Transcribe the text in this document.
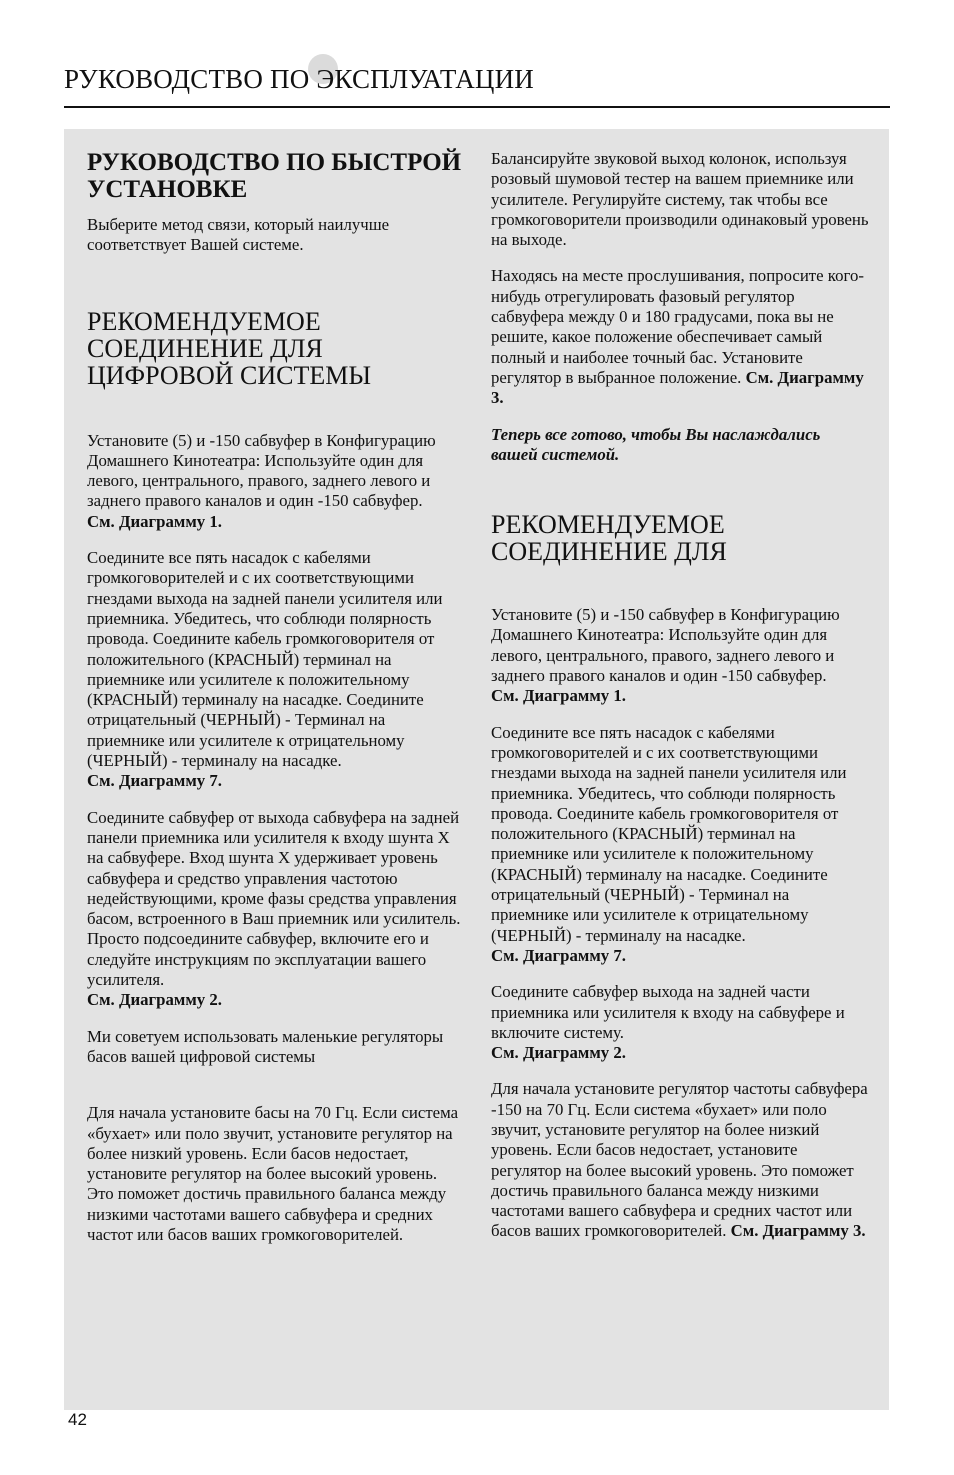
РУКОВОДСТВО ПО ЭКСПЛУАТАЦИИ
РУКОВОДСТВО ПО БЫСТРОЙ УСТАНОВКЕ

Выберите метод связи, который наилучше соответствует Вашей системе.

РЕКОМЕНДУЕМОЕ СОЕДИНЕНИЕ ДЛЯ ЦИФРОВОЙ СИСТЕМЫ

Установите (5) и -150 сабвуфер в Конфигурацию Домашнего Кинотеатра: Используйте один для левого, центрального, правого, заднего левого и заднего правого каналов и один -150 сабвуфер.
См. Диаграмму 1.

Соедините все пять насадок с кабелями громкоговорителей и с их соответствующими гнездами выхода на задней панели усилителя или приемника. Убедитесь, что соблюди полярность провода. Соедините кабель громкоговорителя от положительного (КРАСНЫЙ) терминал на приемнике или усилителе к положительному (КРАСНЫЙ) терминалу на насадке. Соедините отрицательный (ЧЕРНЫЙ) - Терминал на приемнике или усилителе к отрицательному (ЧЕРНЫЙ) - терминалу на насадке.
См. Диаграмму 7.

Соедините сабвуфер от выхода сабвуфера на задней панели приемника или усилителя к входу шунта X на сабвуфере. Вход шунта X удерживает уровень сабвуфера и средство управления частотою недействующими, кроме фазы средства управления басом, встроенного в Ваш приемник или усилитель. Просто подсоедините сабвуфер, включите его и следуйте инструкциям по эксплуатации вашего усилителя.
См. Диаграмму 2.

Ми советуем использовать маленькие регуляторы басов вашей цифровой системы

Для начала установите басы на 70 Гц. Если система «бухает» или поло звучит, установите регулятор на более низкий уровень. Если басов недостает, установите регулятор на более высокий уровень. Это поможет достичь правильного баланса между низкими частотами вашего сабвуфера и средних частот или басов ваших громкоговорителей.

Балансируйте звуковой выход колонок, используя розовый шумовой тестер на вашем приемнике или усилителе. Регулируйте систему, так чтобы все громкоговорители производили одинаковый уровень на выходе.

Находясь на месте прослушивания, попросите кого-нибудь отрегулировать фазовый регулятор сабвуфера между 0 и 180 градусами, пока вы не решите, какое положение обеспечивает самый полный и наиболее точный бас. Установите регулятор в выбранное положение. См. Диаграмму 3.

Теперь все готово, чтобы Вы наслаждались вашей системой.

РЕКОМЕНДУЕМОЕ СОЕДИНЕНИЕ ДЛЯ

Установите (5) и -150 сабвуфер в Конфигурацию Домашнего Кинотеатра: Используйте один для левого, центрального, правого, заднего левого и заднего правого каналов и один -150 сабвуфер.
См. Диаграмму 1.

Соедините все пять насадок с кабелями громкоговорителей и с их соответствующими гнездами выхода на задней панели усилителя или приемника. Убедитесь, что соблюди полярность провода. Соедините кабель громкоговорителя от положительного (КРАСНЫЙ) терминал на приемнике или усилителе к положительному (КРАСНЫЙ) терминалу на насадке. Соедините отрицательный (ЧЕРНЫЙ) - Терминал на приемнике или усилителе к отрицательному (ЧЕРНЫЙ) - терминалу на насадке.
См. Диаграмму 7.

Соедините сабвуфер выхода на задней части приемника или усилителя к входу на сабвуфере и включите систему.
См. Диаграмму 2.

Для начала установите регулятор частоты сабвуфера -150 на 70 Гц. Если система «бухает» или поло звучит, установите регулятор на более низкий уровень. Если басов недостает, установите регулятор на более высокий уровень. Это поможет достичь правильного баланса между низкими частотами вашего сабвуфера и средних частот или басов ваших громкоговорителей. См. Диаграмму 3.

42
